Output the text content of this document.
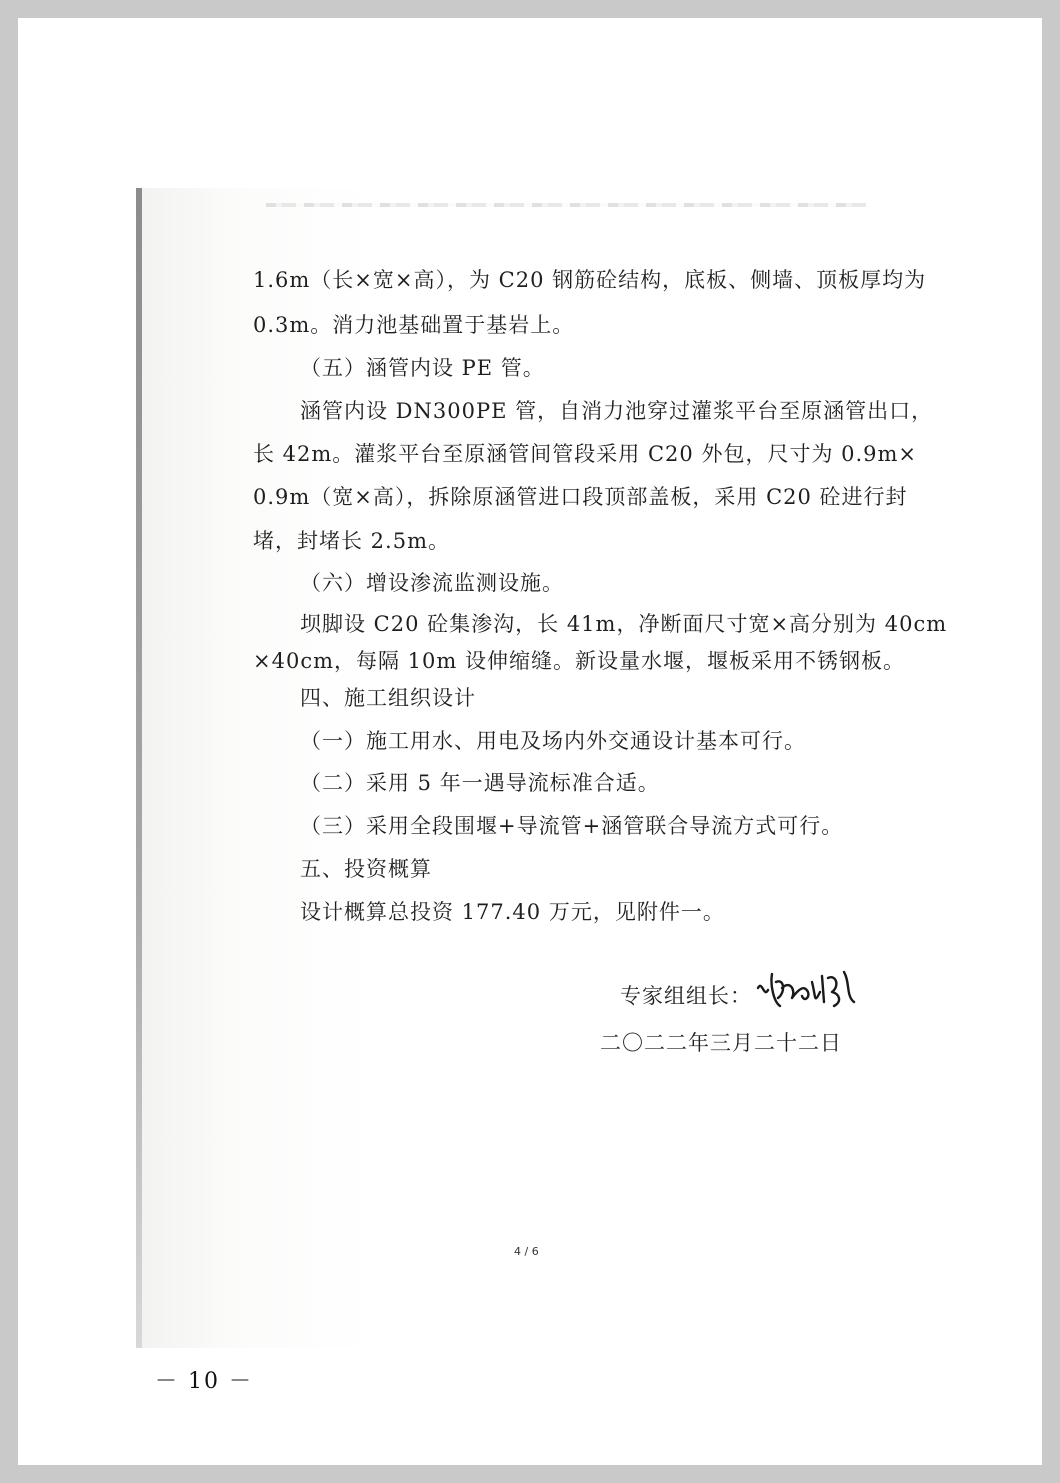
1.6m（长×宽×高），为 C20 钢筋砼结构，底板、侧墙、顶板厚均为
0.3m。消力池基础置于基岩上。
（五）涵管内设 PE 管。
涵管内设 DN300PE 管，自消力池穿过灌浆平台至原涵管出口，
长 42m。灌浆平台至原涵管间管段采用 C20 外包，尺寸为 0.9m×
0.9m（宽×高），拆除原涵管进口段顶部盖板，采用 C20 砼进行封
堵，封堵长 2.5m。
（六）增设渗流监测设施。
坝脚设 C20 砼集渗沟，长 41m，净断面尺寸宽×高分别为 40cm
×40cm，每隔 10m 设伸缩缝。新设量水堰，堰板采用不锈钢板。
四、施工组织设计
（一）施工用水、用电及场内外交通设计基本可行。
（二）采用 5 年一遇导流标准合适。
（三）采用全段围堰+导流管+涵管联合导流方式可行。
五、投资概算
设计概算总投资 177.40 万元，见附件一。
专家组组长：
二〇二二年三月二十二日
4 / 6
－ 10 －
